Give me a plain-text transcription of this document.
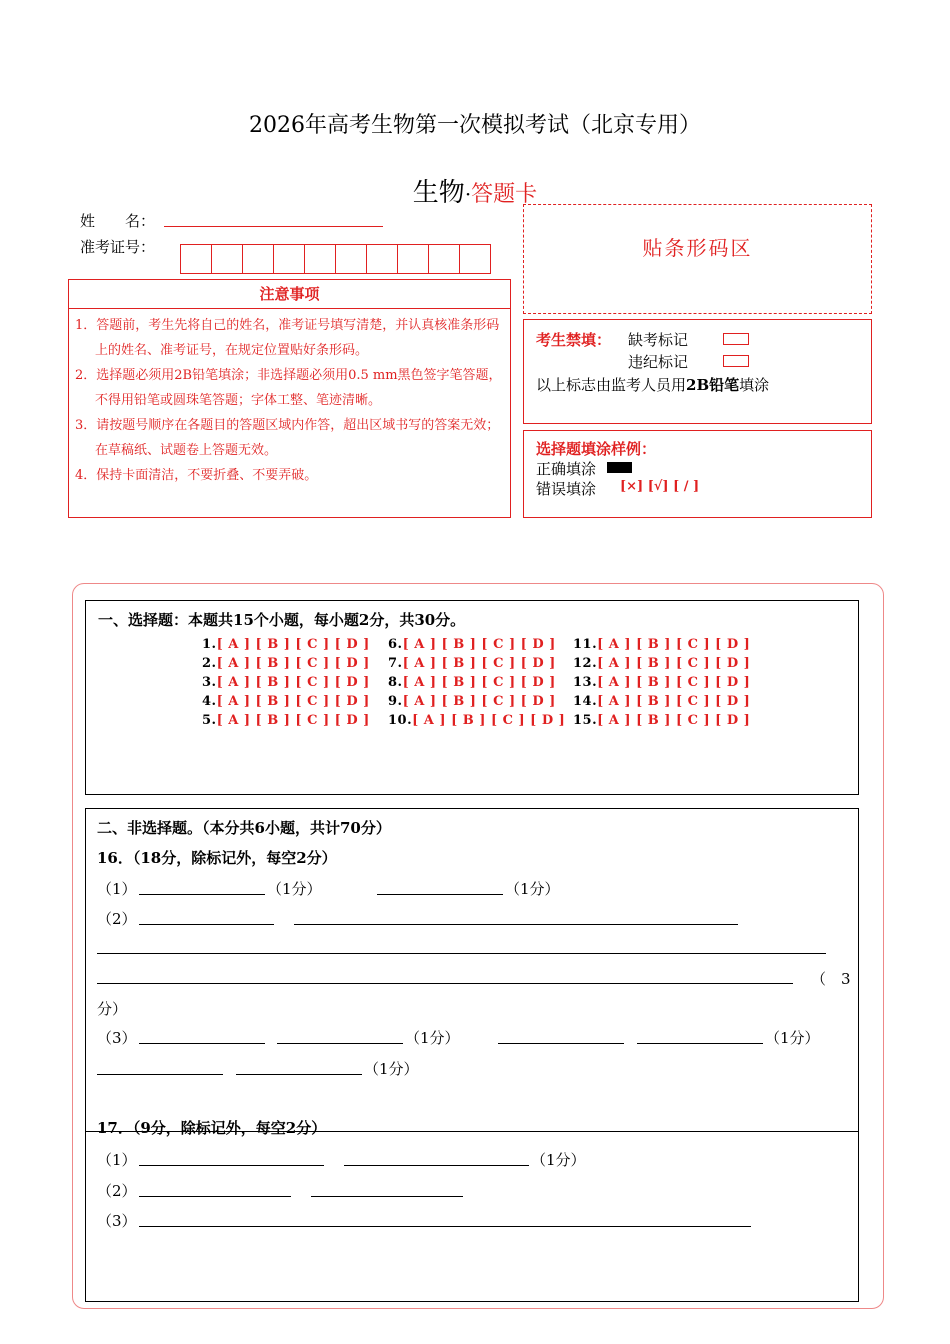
2026年高考生物第一次模拟考试（北京专用）
生物·答题卡
姓　　名：
准考证号：
注意事项
1．答题前，考生先将自己的姓名，准考证号填写清楚，并认真核准条形码上的姓名、准考证号，在规定位置贴好条形码。
2．选择题必须用2B铅笔填涂；非选择题必须用0.5 mm黑色签字笔答题，不得用铅笔或圆珠笔答题；字体工整、笔迹清晰。
3．请按题号顺序在各题目的答题区域内作答，超出区域书写的答案无效；在草稿纸、试题卷上答题无效。
4．保持卡面清洁，不要折叠、不要弄破。
贴条形码区
考生禁填： 缺考标记
违纪标记
以上标志由监考人员用2B铅笔填涂
选择题填涂样例：
正确填涂
错误填涂 [×] [√] [ / ]
一、选择题：本题共15个小题，每小题2分，共30分。
1.[ A ] [ B ] [ C ] [ D ]
2.[ A ] [ B ] [ C ] [ D ]
3.[ A ] [ B ] [ C ] [ D ]
4.[ A ] [ B ] [ C ] [ D ]
5.[ A ] [ B ] [ C ] [ D ]
6.[ A ] [ B ] [ C ] [ D ]
7.[ A ] [ B ] [ C ] [ D ]
8.[ A ] [ B ] [ C ] [ D ]
9.[ A ] [ B ] [ C ] [ D ]
10.[ A ] [ B ] [ C ] [ D ]
11.[ A ] [ B ] [ C ] [ D ]
12.[ A ] [ B ] [ C ] [ D ]
13.[ A ] [ B ] [ C ] [ D ]
14.[ A ] [ B ] [ C ] [ D ]
15.[ A ] [ B ] [ C ] [ D ]
二、非选择题。（本分共6小题，共计70分）
16．（18分，除标记外，每空2分）
（1）	（1分）	（1分）
（2）
（　3
分）
（3）	（1分）	（1分）
（1分）
17．（9分，除标记外，每空2分）
（1）	（1分）
（2）
（3）
